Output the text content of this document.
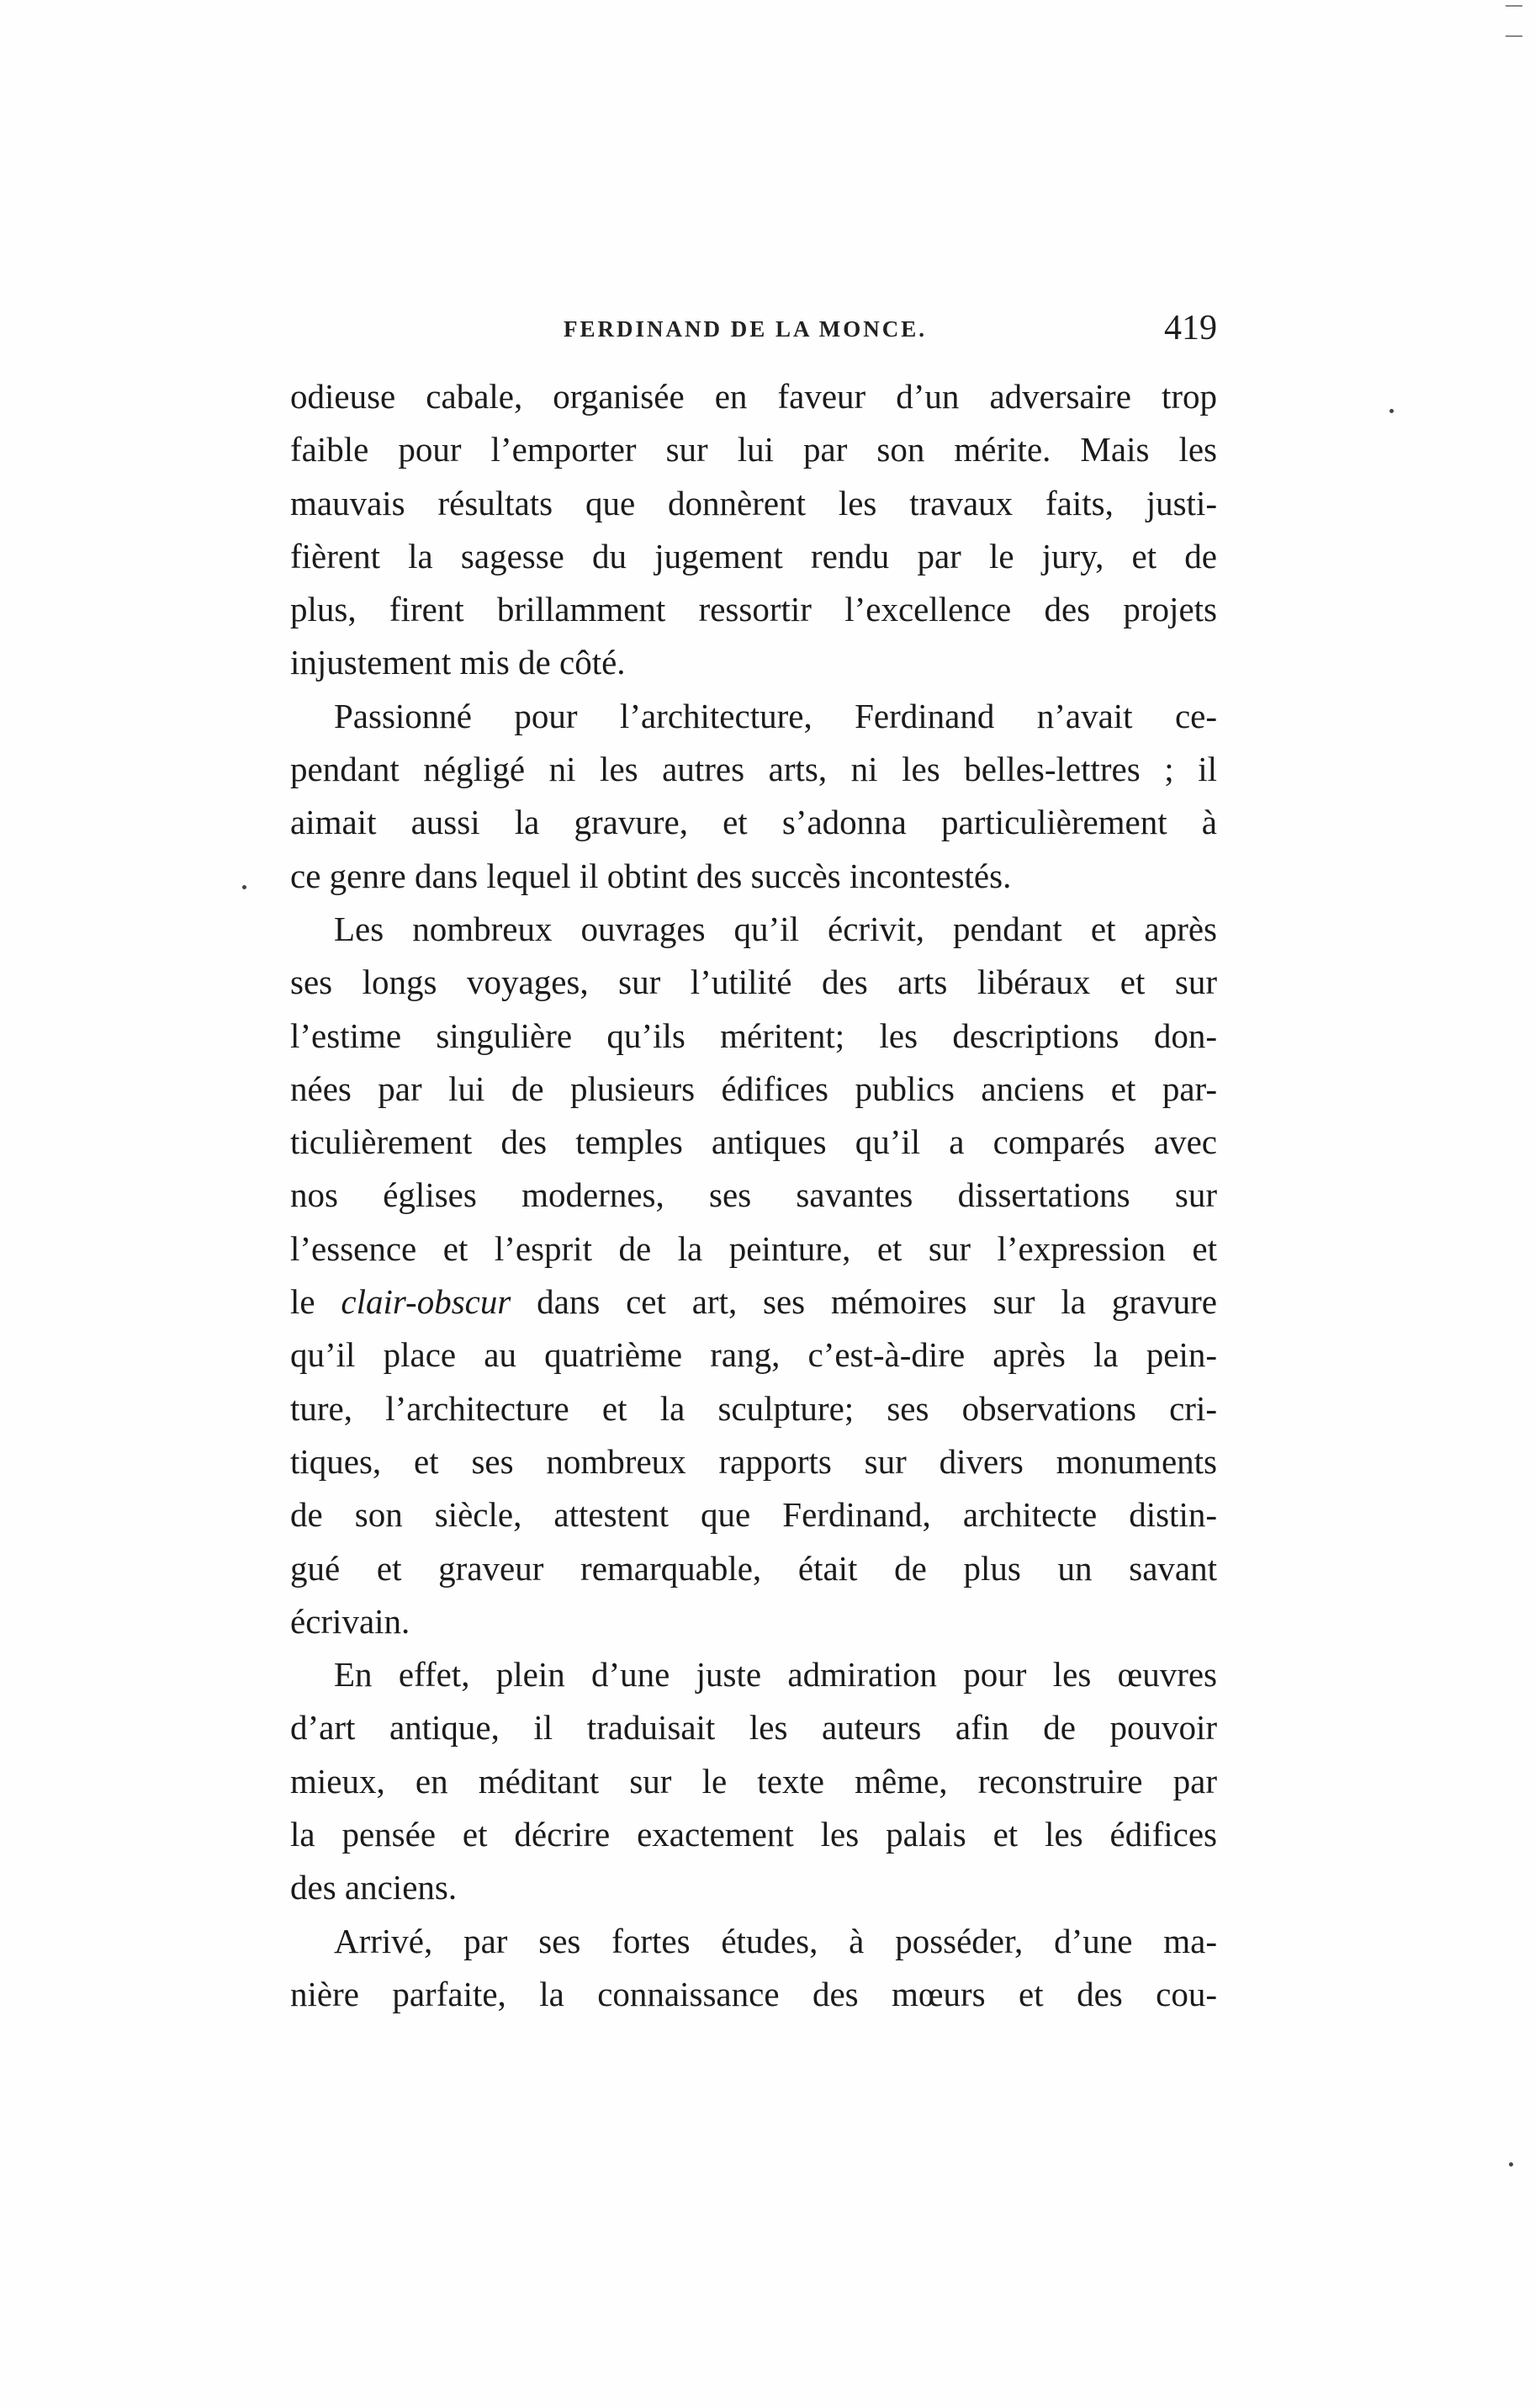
FERDINAND DE LA MONCE.	419
odieuse cabale, organisée en faveur d’un adversaire trop
faible pour l’emporter sur lui par son mérite. Mais les
mauvais résultats que donnèrent les travaux faits, justi-
fièrent la sagesse du jugement rendu par le jury, et de
plus, firent brillamment ressortir l’excellence des projets
injustement mis de côté.
Passionné pour l’architecture, Ferdinand n’avait ce-
pendant négligé ni les autres arts, ni les belles-lettres ; il
aimait aussi la gravure, et s’adonna particulièrement à
ce genre dans lequel il obtint des succès incontestés.
Les nombreux ouvrages qu’il écrivit, pendant et après
ses longs voyages, sur l’utilité des arts libéraux et sur
l’estime singulière qu’ils méritent; les descriptions don-
nées par lui de plusieurs édifices publics anciens et par-
ticulièrement des temples antiques qu’il a comparés avec
nos églises modernes, ses savantes dissertations sur
l’essence et l’esprit de la peinture, et sur l’expression et
le clair-obscur dans cet art, ses mémoires sur la gravure
qu’il place au quatrième rang, c’est-à-dire après la pein-
ture, l’architecture et la sculpture; ses observations cri-
tiques, et ses nombreux rapports sur divers monuments
de son siècle, attestent que Ferdinand, architecte distin-
gué et graveur remarquable, était de plus un savant
écrivain.
En effet, plein d’une juste admiration pour les œuvres
d’art antique, il traduisait les auteurs afin de pouvoir
mieux, en méditant sur le texte même, reconstruire par
la pensée et décrire exactement les palais et les édifices
des anciens.
Arrivé, par ses fortes études, à posséder, d’une ma-
nière parfaite, la connaissance des mœurs et des cou-
